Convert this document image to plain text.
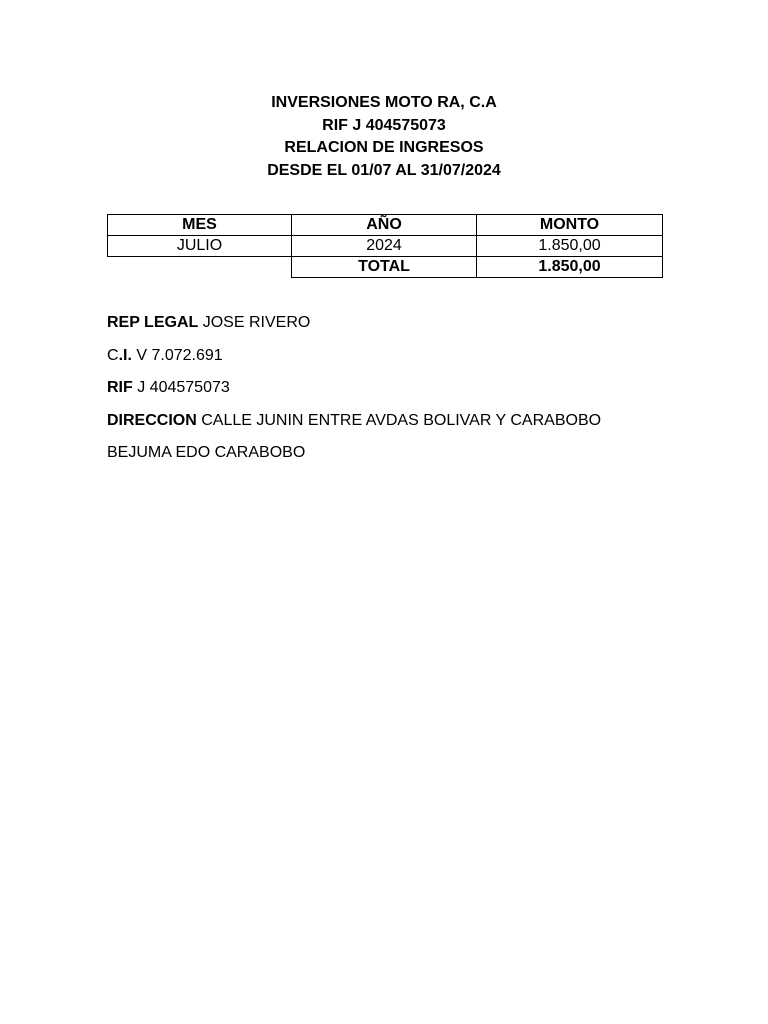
INVERSIONES MOTO RA, C.A
RIF J 404575073
RELACION DE INGRESOS
DESDE EL 01/07 AL 31/07/2024
MES	AÑO	MONTO
JULIO	2024	1.850,00
	TOTAL	1.850,00
REP LEGAL JOSE RIVERO
C.I. V 7.072.691
RIF J 404575073
DIRECCION CALLE JUNIN ENTRE AVDAS BOLIVAR Y CARABOBO
BEJUMA EDO CARABOBO
